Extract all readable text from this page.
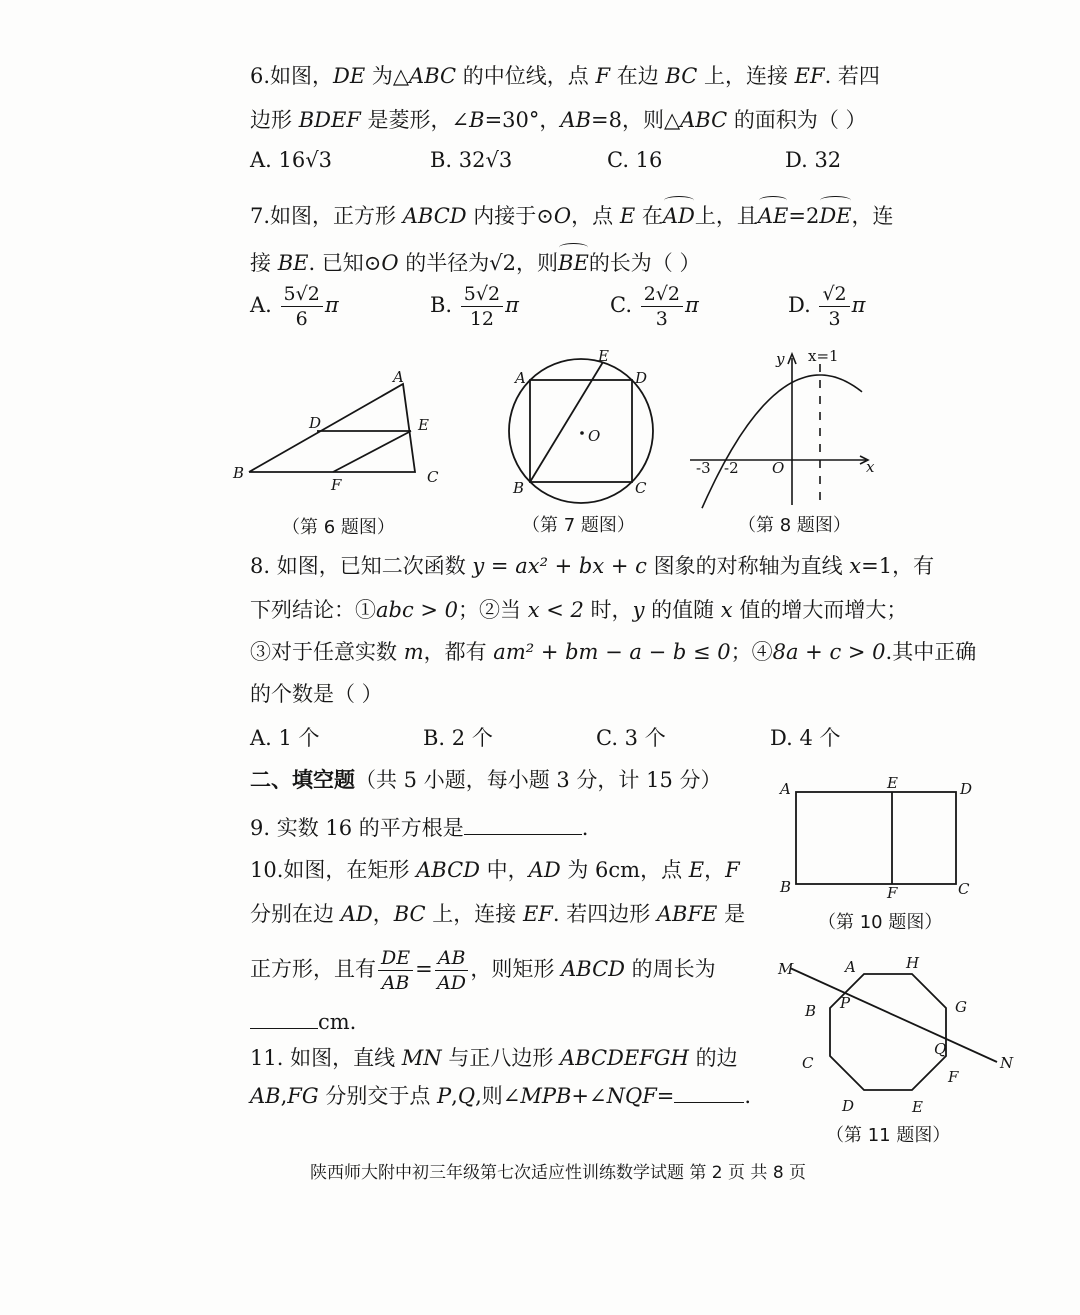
6.如图，DE 为△ABC 的中位线，点 F 在边 BC 上，连接 EF. 若四
边形 BDEF 是菱形，∠B=30°，AB=8，则△ABC 的面积为（ ）
A. 16√3	B. 32√3	C. 16	D. 32
7.如图，正方形 ABCD 内接于⊙O，点 E 在AD上，且AE=2DE，连
接 BE. 已知⊙O 的半径为√2，则BE的长为（ ）
A. $\frac{5√2}{6}$ π	B. $\frac{5√2}{12}$ π	C. $\frac{2√2}{3}$ π	D. $\frac{√2}{3}$ π
A
B	C
D	E
F
（第 6 题图）
E
A	D
B	C
O
（第 7 题图）
y x=1
x
O
-3 -2
（第 8 题图）
8. 如图，已知二次函数 y = ax² + bx + c 图象的对称轴为直线 x=1，有
下列结论：①abc > 0；②当 x < 2 时，y 的值随 x 值的增大而增大；
③对于任意实数 m，都有 am² + bm − a − b ≤ 0；④8a + c > 0.其中正确
的个数是（ ）
A. 1 个	B. 2 个	C. 3 个	D. 4 个
二、填空题（共 5 小题，每小题 3 分，计 15 分）
9. 实数 16 的平方根是	.
A	E	D
B	F	C
（第 10 题图）
10.如图，在矩形 ABCD 中，AD 为 6cm，点 E，F
分别在边 AD，BC 上，连接 EF. 若四边形 ABFE 是
正方形，且有 $\frac{DE}{AB} = \frac{AB}{AD}$ ，则矩形 ABCD 的周长为
cm.
11. 如图，直线 MN 与正八边形 ABCDEFGH 的边
AB,FG 分别交于点 P,Q,则∠MPB+∠NQF=	.
M
N
A	H
G
B P
Q
C
F
D	E
（第 11 题图）
陕西师大附中初三年级第七次适应性训练数学试题 第 2 页 共 8 页
